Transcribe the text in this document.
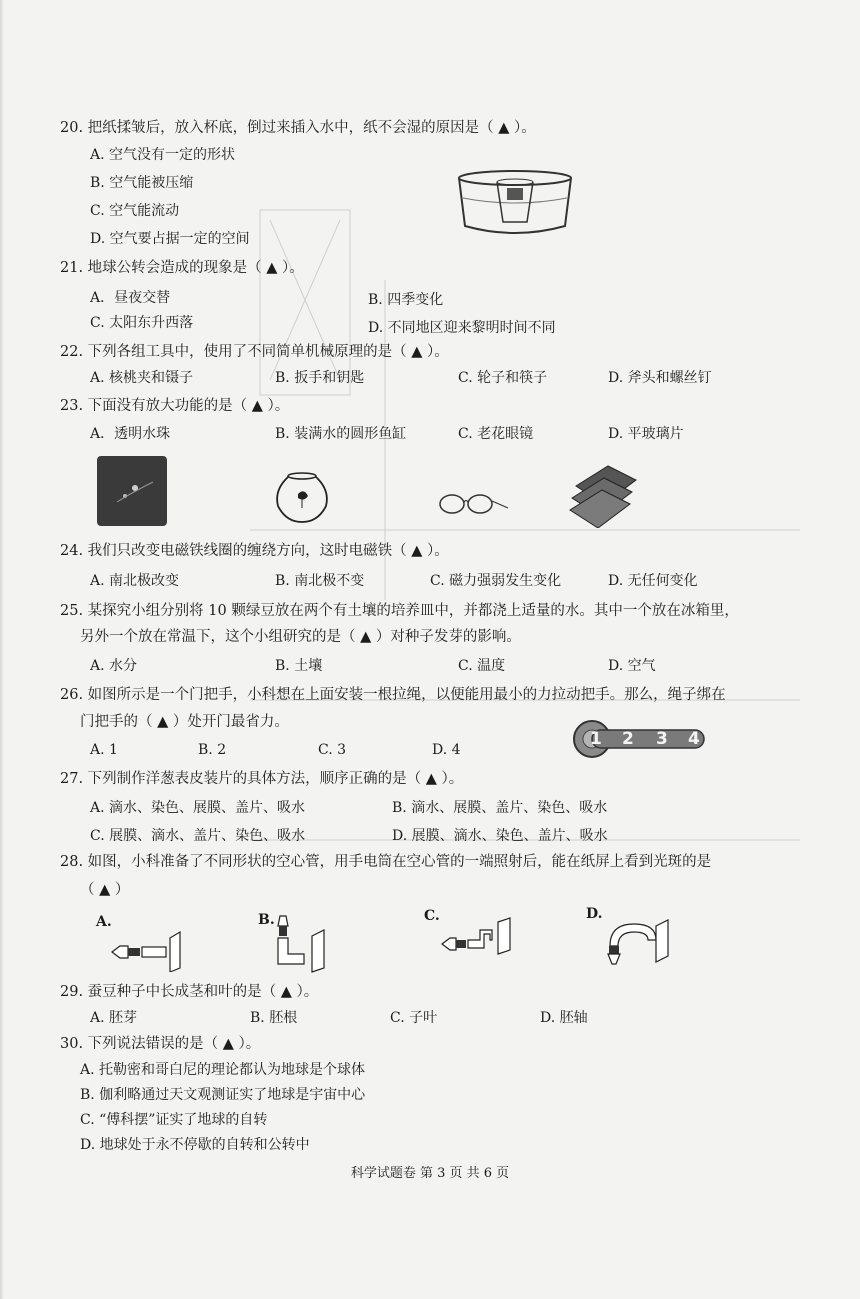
20. 把纸揉皱后，放入杯底，倒过来插入水中，纸不会湿的原因是（ ▲ ）。
A. 空气没有一定的形状
B. 空气能被压缩
C. 空气能流动
D. 空气要占据一定的空间
21. 地球公转会造成的现象是（ ▲ ）。
A．昼夜交替	B. 四季变化
C. 太阳东升西落	D. 不同地区迎来黎明时间不同
22. 下列各组工具中，使用了不同简单机械原理的是（ ▲ ）。
A. 核桃夹和镊子	B. 扳手和钥匙	C. 轮子和筷子	D. 斧头和螺丝钉
23. 下面没有放大功能的是（ ▲ ）。
A．透明水珠	B. 装满水的圆形鱼缸	C. 老花眼镜	D. 平玻璃片
24. 我们只改变电磁铁线圈的缠绕方向，这时电磁铁（ ▲ ）。
A. 南北极改变	B. 南北极不变	C. 磁力强弱发生变化	D. 无任何变化
25. 某探究小组分别将 10 颗绿豆放在两个有土壤的培养皿中，并都浇上适量的水。其中一个放在冰箱里，
另外一个放在常温下，这个小组研究的是（ ▲ ）对种子发芽的影响。
A. 水分	B. 土壤	C. 温度	D. 空气
26. 如图所示是一个门把手，小科想在上面安装一根拉绳，以便能用最小的力拉动把手。那么，绳子绑在
门把手的（ ▲ ）处开门最省力。
A. 1	B. 2	C. 3	D. 4
1 2 3 4
27. 下列制作洋葱表皮装片的具体方法，顺序正确的是（ ▲ ）。
A. 滴水、染色、展膜、盖片、吸水	B. 滴水、展膜、盖片、染色、吸水
C. 展膜、滴水、盖片、染色、吸水	D. 展膜、滴水、染色、盖片、吸水
28. 如图，小科准备了不同形状的空心管，用手电筒在空心管的一端照射后，能在纸屏上看到光斑的是
（ ▲ ）
A.	B.	C.	D.
29. 蚕豆种子中长成茎和叶的是（ ▲ ）。
A. 胚芽	B. 胚根	C. 子叶	D. 胚轴
30. 下列说法错误的是（ ▲ ）。
A. 托勒密和哥白尼的理论都认为地球是个球体
B. 伽利略通过天文观测证实了地球是宇宙中心
C. “傅科摆”证实了地球的自转
D. 地球处于永不停歇的自转和公转中
科学试题卷 第 3 页 共 6 页
